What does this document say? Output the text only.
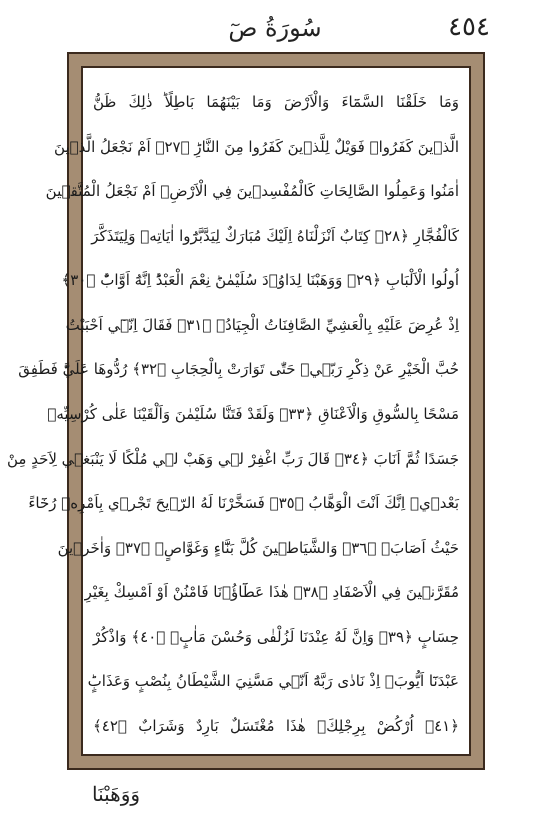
٤٥٤
سُورَةُ صٓ
وَمَا خَلَقْنَا السَّمَٓاءَ وَالْاَرْضَ وَمَا بَيْنَهُمَا بَاطِلًاؕ ذٰلِكَ ظَنُّ
الَّذ۪ينَ كَفَرُواۚ فَوَيْلٌ لِلَّذ۪ينَ كَفَرُوا مِنَ النَّارِؕ ﴿٢٧﴾ اَمْ نَجْعَلُ الَّذ۪ينَ
اٰمَنُوا وَعَمِلُوا الصَّالِحَاتِ كَالْمُفْسِد۪ينَ فِي الْاَرْضِۘ اَمْ نَجْعَلُ الْمُتَّق۪ينَ
كَالْفُجَّارِ ﴿٢٨﴾ كِتَابٌ اَنْزَلْنَاهُ اِلَيْكَ مُبَارَكٌ لِيَدَّبَّرُٓوا اٰيَاتِه۪ وَلِيَتَذَكَّرَ
اُولُوا الْاَلْبَابِ ﴿٢٩﴾ وَوَهَبْنَا لِدَاوُ۫دَ سُلَيْمٰنَؕ نِعْمَ الْعَبْدُؕ اِنَّهُٓ اَوَّابٌؕ ﴿٣٠﴾
اِذْ عُرِضَ عَلَيْهِ بِالْعَشِيِّ الصَّافِنَاتُ الْجِيَادُۙ ﴿٣١﴾ فَقَالَ اِنّ۪ٓي اَحْبَبْتُ
حُبَّ الْخَيْرِ عَنْ ذِكْرِ رَبّ۪يۚ حَتّٰى تَوَارَتْ بِالْحِجَابِ ﴿٣٢﴾ رُدُّوهَا عَلَيَّؕ فَطَفِقَ
مَسْحًا بِالسُّوقِ وَالْاَعْنَاقِ ﴿٣٣﴾ وَلَقَدْ فَتَنَّا سُلَيْمٰنَ وَاَلْقَيْنَا عَلٰى كُرْسِيِّه۪
جَسَدًا ثُمَّ اَنَابَ ﴿٣٤﴾ قَالَ رَبِّ اغْفِرْ ل۪ي وَهَبْ ل۪ي مُلْكًا لَا يَنْبَغ۪ي لِاَحَدٍ مِنْ
بَعْد۪يۚ اِنَّكَ اَنْتَ الْوَهَّابُ ﴿٣٥﴾ فَسَخَّرْنَا لَهُ الرّ۪يحَ تَجْر۪ي بِاَمْرِه۪ رُخَٓاءً
حَيْثُ اَصَابَۙ ﴿٣٦﴾ وَالشَّيَاط۪ينَ كُلَّ بَنَّٓاءٍ وَغَوَّاصٍۙ ﴿٣٧﴾ وَاٰخَر۪ينَ
مُقَرَّن۪ينَ فِي الْاَصْفَادِ ﴿٣٨﴾ هٰذَا عَطَٓاؤُ۬نَا فَامْنُنْ اَوْ اَمْسِكْ بِغَيْرِ
حِسَابٍ ﴿٣٩﴾ وَاِنَّ لَهُ عِنْدَنَا لَزُلْفٰى وَحُسْنَ مَاٰبٍ۟ ﴿٤٠﴾ وَاذْكُرْ
عَبْدَنَٓا اَيُّوبَۢ اِذْ نَادٰى رَبَّهُٓ اَنّ۪ي مَسَّنِيَ الشَّيْطَانُ بِنُصْبٍ وَعَذَابٍؕ
﴿٤١﴾ اُرْكُضْ بِرِجْلِكَۚ هٰذَا مُغْتَسَلٌ بَارِدٌ وَشَرَابٌ ﴿٤٢﴾
وَوَهَبْنَا
